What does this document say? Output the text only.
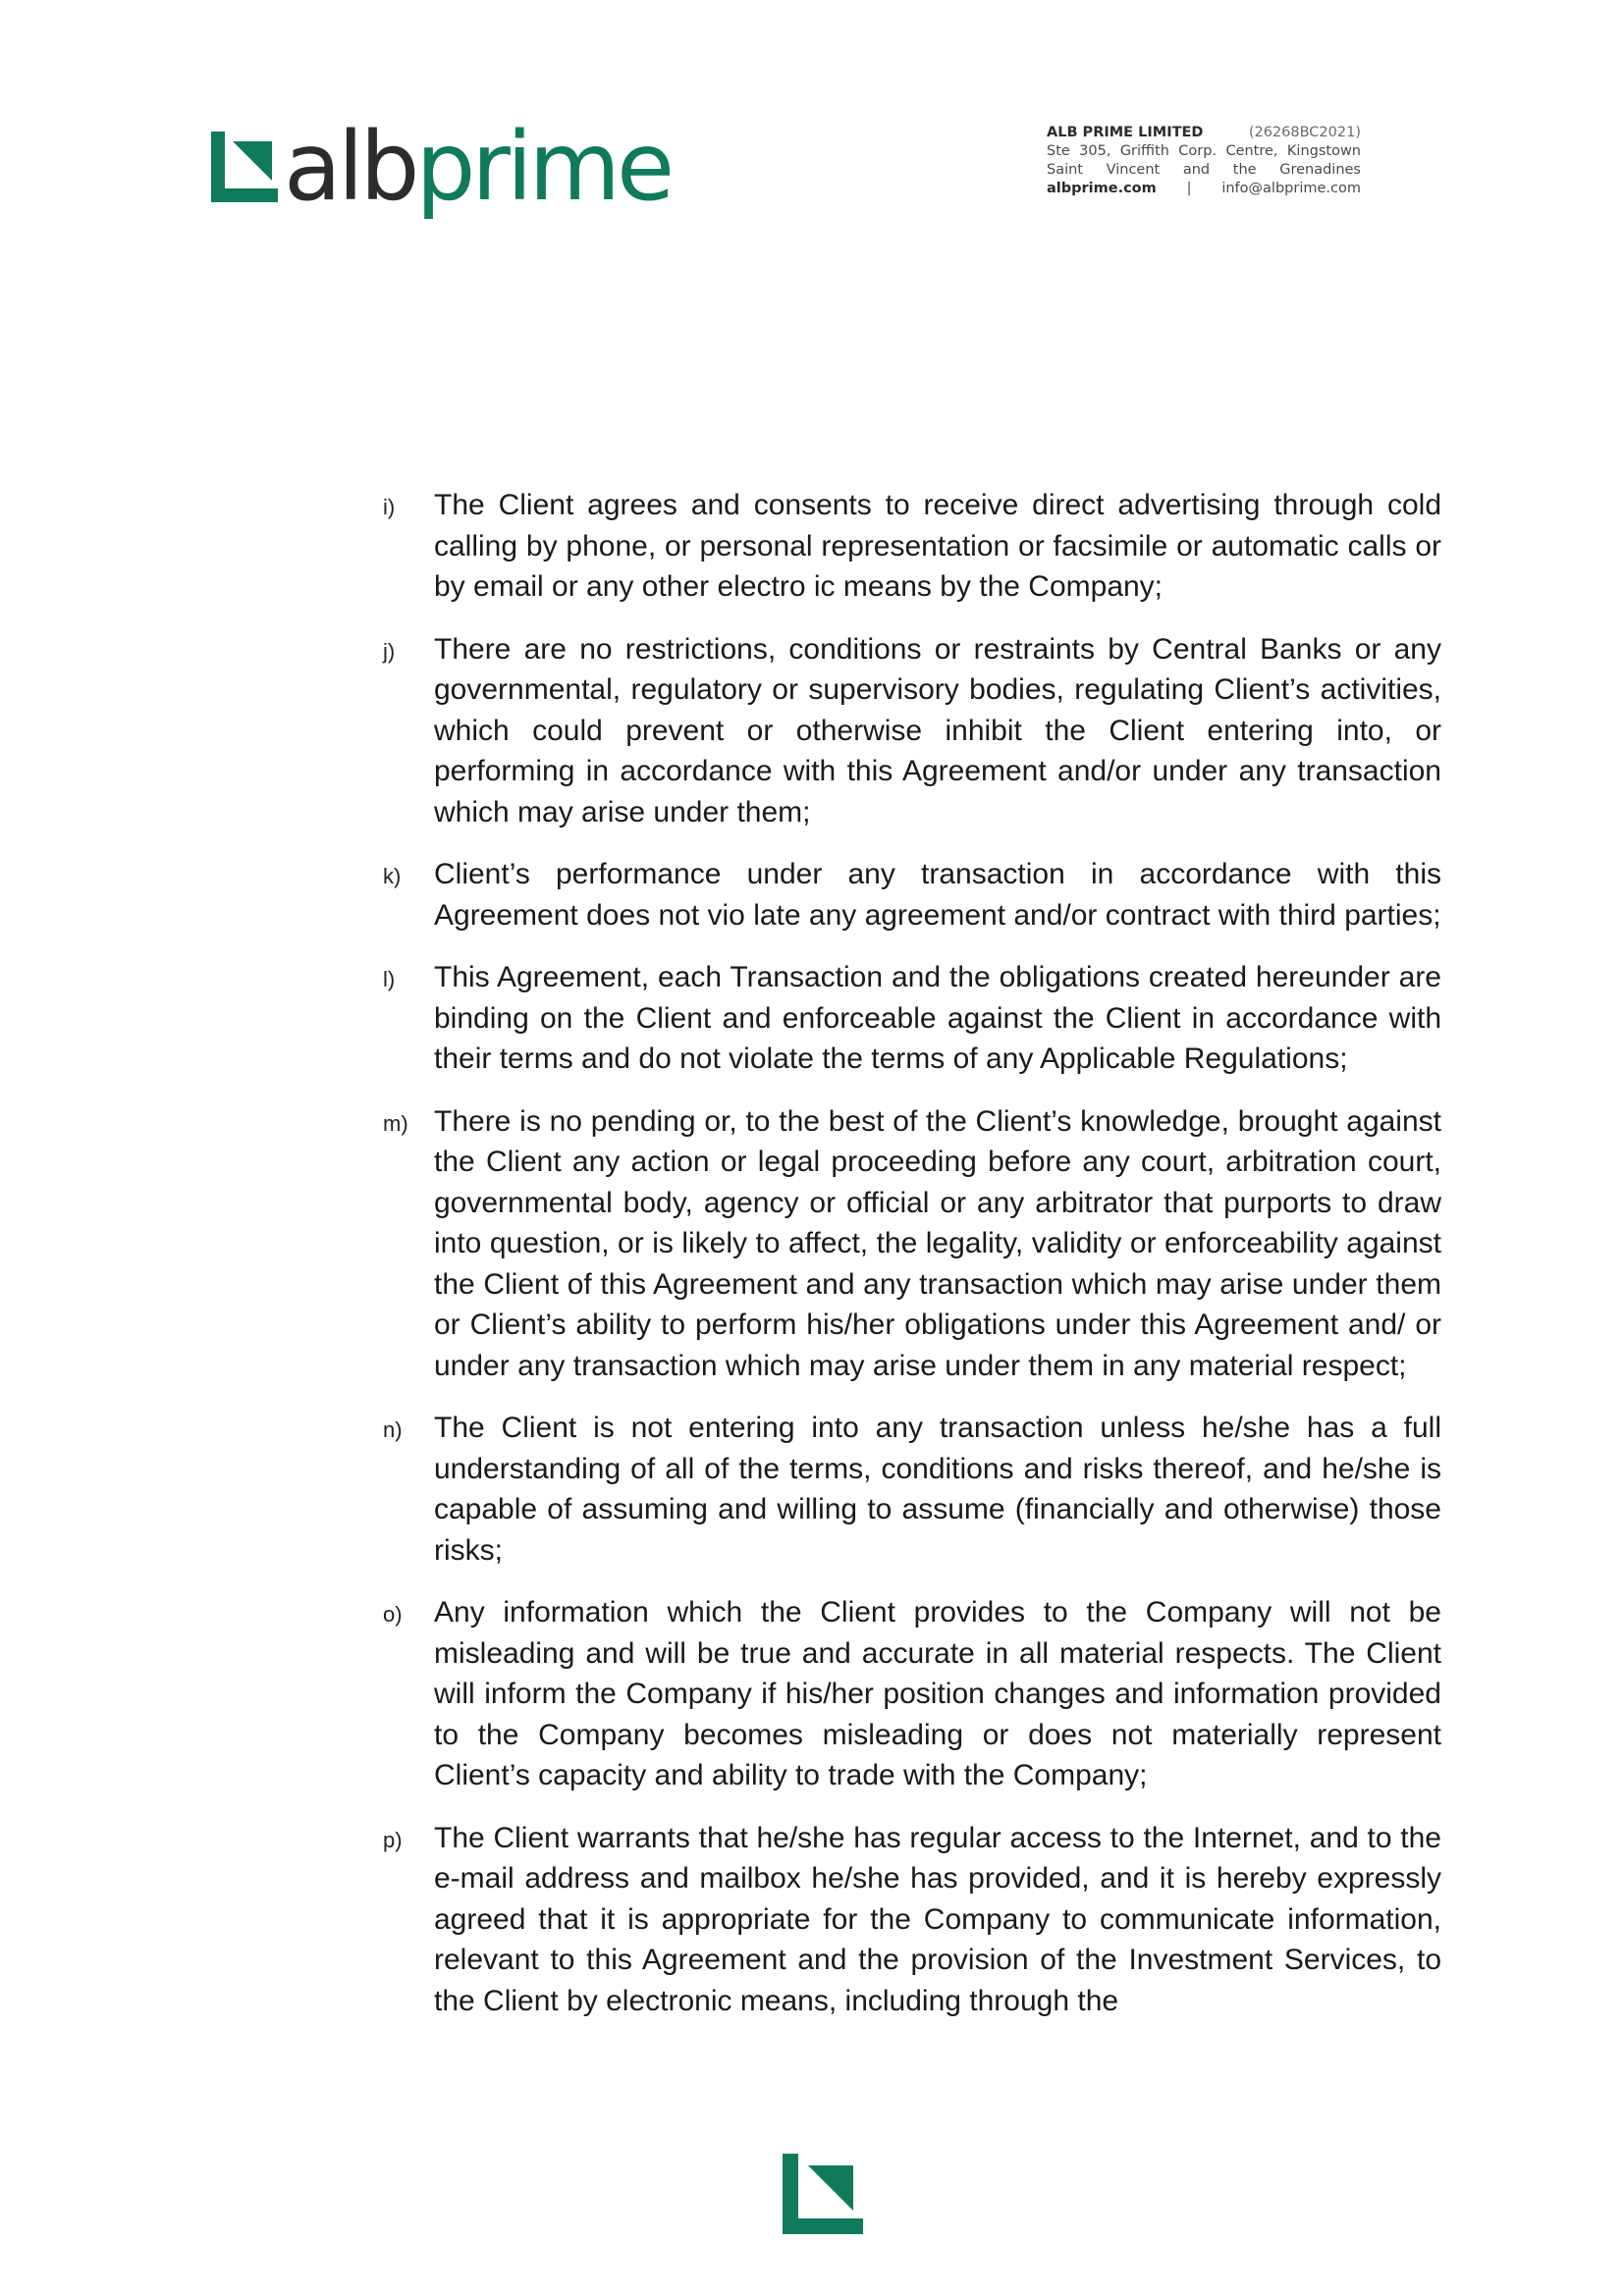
alb prime	ALB PRIME LIMITED	(26268BC2021)
Ste 305, Griffith Corp. Centre, Kingstown
Saint Vincent and the Grenadines
albprime.com | info@albprime.com
i)	The Client agrees and consents to receive direct advertising through cold calling by phone, or personal representation or facsimile or automatic calls or by email or any other electro ic means by the Company;
j)	There are no restrictions, conditions or restraints by Central Banks or any governmental, regulatory or supervisory bodies, regulating Client’s activities, which could prevent or otherwise inhibit the Client entering into, or performing in accordance with this Agreement and/or under any transaction which may arise under them;
k)	Client’s performance under any transaction in accordance with this Agreement does not vio late any agreement and/or contract with third parties;
l)	This Agreement, each Transaction and the obligations created hereunder are binding on the Client and enforceable against the Client in accordance with their terms and do not violate the terms of any Applicable Regulations;
m) There is no pending or, to the best of the Client’s knowledge, brought against the Client any action or legal proceeding before any court, arbitration court, governmental body, agency or official or any arbitrator that purports to draw into question, or is likely to affect, the legality, validity or enforceability against the Client of this Agreement and any transaction which may arise under them or Client’s ability to perform his/her obligations under this Agreement and/ or under any transaction which may arise under them in any material respect;
n)	The Client is not entering into any transaction unless he/she has a full understanding of all of the terms, conditions and risks thereof, and he/she is capable of assuming and willing to assume (financially and otherwise) those risks;
o)	Any information which the Client provides to the Company will not be misleading and will be true and accurate in all material respects. The Client will inform the Company if his/her position changes and information provided to the Company becomes misleading or does not materially represent Client’s capacity and ability to trade with the Company;
p)	The Client warrants that he/she has regular access to the Internet, and to the e-mail address and mailbox he/she has provided, and it is hereby expressly agreed that it is appropriate for the Company to communicate information, relevant to this Agreement and the provision of the Investment Services, to the Client by electronic means, including through the
